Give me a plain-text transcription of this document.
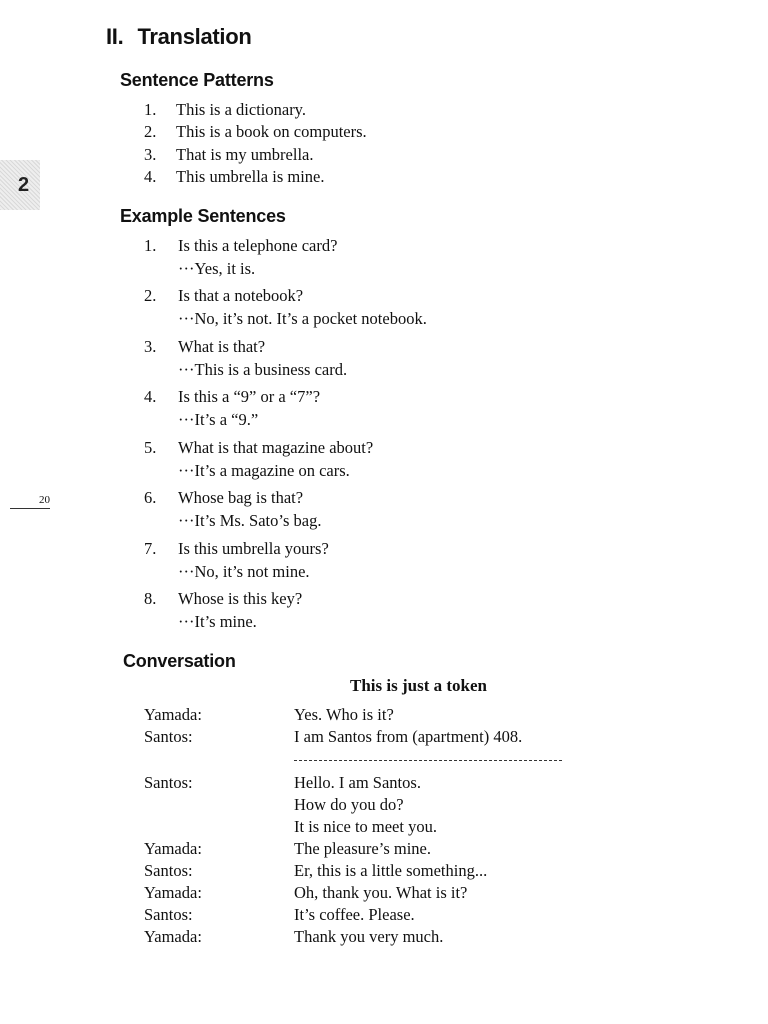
II. Translation
2
20
Sentence Patterns
1.	This is a dictionary.
2.	This is a book on computers.
3.	That is my umbrella.
4.	This umbrella is mine.
Example Sentences
1.	Is this a telephone card?
···Yes, it is.
2.	Is that a notebook?
···No, it’s not. It’s a pocket notebook.
3.	What is that?
···This is a business card.
4.	Is this a “9” or a “7”?
···It’s a “9.”
5.	What is that magazine about?
···It’s a magazine on cars.
6.	Whose bag is that?
···It’s Ms. Sato’s bag.
7.	Is this umbrella yours?
···No, it’s not mine.
8.	Whose is this key?
···It’s mine.
Conversation
This is just a token
Yamada:	Yes. Who is it?
Santos:	I am Santos from (apartment) 408.
Santos:	Hello. I am Santos.
How do you do?
It is nice to meet you.
Yamada:	The pleasure’s mine.
Santos:	Er, this is a little something...
Yamada:	Oh, thank you. What is it?
Santos:	It’s coffee. Please.
Yamada:	Thank you very much.
